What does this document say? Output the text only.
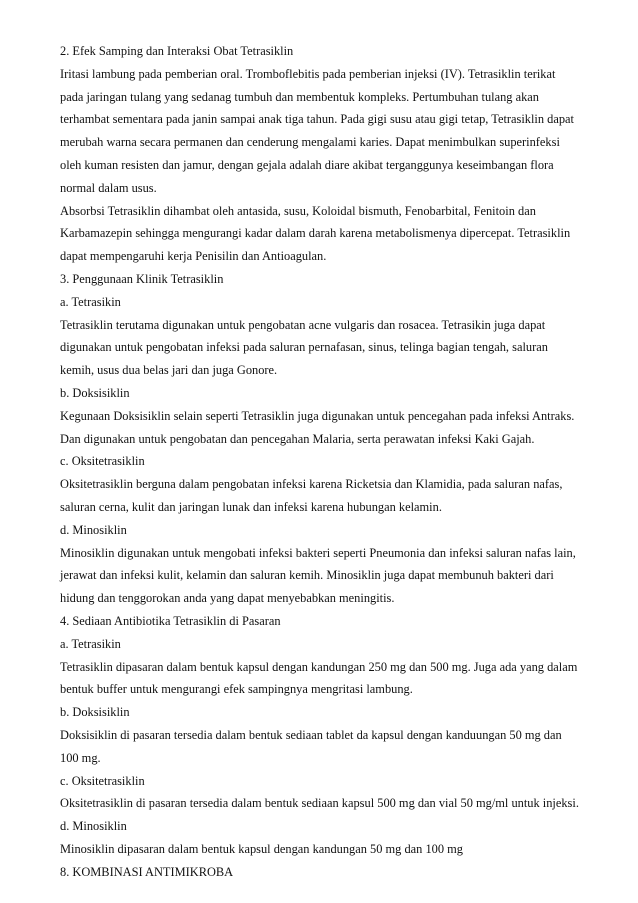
2. Efek Samping dan Interaksi Obat Tetrasiklin
Iritasi lambung pada pemberian oral. Tromboflebitis pada pemberian injeksi (IV). Tetrasiklin terikat
pada jaringan tulang yang sedanag tumbuh dan membentuk kompleks. Pertumbuhan tulang akan
terhambat sementara pada janin sampai anak tiga tahun. Pada gigi susu atau gigi tetap, Tetrasiklin dapat
merubah warna secara permanen dan cenderung mengalami karies. Dapat menimbulkan superinfeksi
oleh kuman resisten dan jamur, dengan gejala adalah diare akibat terganggunya keseimbangan flora
normal dalam usus.
Absorbsi Tetrasiklin dihambat oleh antasida, susu, Koloidal bismuth, Fenobarbital, Fenitoin dan
Karbamazepin sehingga mengurangi kadar dalam darah karena metabolismenya dipercepat. Tetrasiklin
dapat mempengaruhi kerja Penisilin dan Antioagulan.
3. Penggunaan Klinik Tetrasiklin
a. Tetrasikin
Tetrasiklin terutama digunakan untuk pengobatan acne vulgaris dan rosacea. Tetrasikin juga dapat
digunakan untuk pengobatan infeksi pada saluran pernafasan, sinus, telinga bagian tengah, saluran
kemih, usus dua belas jari dan juga Gonore.
b. Doksisiklin
Kegunaan Doksisiklin selain seperti Tetrasiklin juga digunakan untuk pencegahan pada infeksi Antraks.
Dan digunakan untuk pengobatan dan pencegahan Malaria, serta perawatan infeksi Kaki Gajah.
c. Oksitetrasiklin
Oksitetrasiklin berguna dalam pengobatan infeksi karena Ricketsia dan Klamidia, pada saluran nafas,
saluran cerna, kulit dan jaringan lunak dan infeksi karena hubungan kelamin.
d. Minosiklin
Minosiklin digunakan untuk mengobati infeksi bakteri seperti Pneumonia dan infeksi saluran nafas lain,
jerawat dan infeksi kulit, kelamin dan saluran kemih. Minosiklin juga dapat membunuh bakteri dari
hidung dan tenggorokan anda yang dapat menyebabkan meningitis.
4. Sediaan Antibiotika Tetrasiklin di Pasaran
a. Tetrasikin
Tetrasiklin dipasaran dalam bentuk kapsul dengan kandungan 250 mg dan 500 mg. Juga ada yang dalam
bentuk buffer untuk mengurangi efek sampingnya mengritasi lambung.
b. Doksisiklin
Doksisiklin di pasaran tersedia dalam bentuk sediaan tablet da kapsul dengan kanduungan 50 mg dan
100 mg.
c. Oksitetrasiklin
Oksitetrasiklin di pasaran tersedia dalam bentuk sediaan kapsul 500 mg dan vial 50 mg/ml untuk injeksi.
d. Minosiklin
Minosiklin dipasaran dalam bentuk kapsul dengan kandungan 50 mg dan 100 mg
8. KOMBINASI ANTIMIKROBA
